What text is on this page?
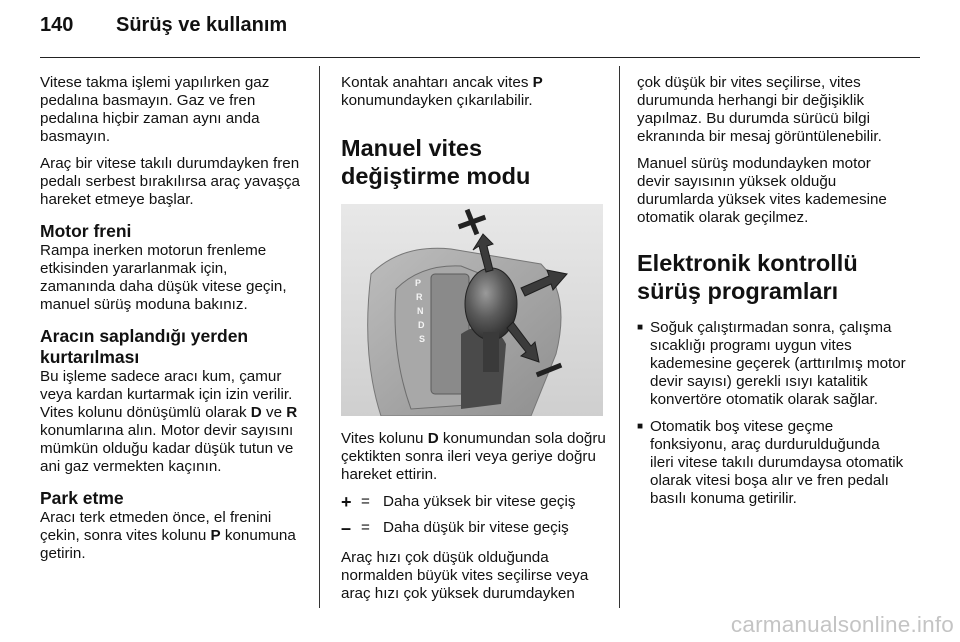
140	Sürüş ve kullanım

Vitese takma işlemi yapılırken gaz pedalına basmayın. Gaz ve fren pedalına hiçbir zaman aynı anda basmayın.

Araç bir vitese takılı durumdayken fren pedalı serbest bırakılırsa araç yavaşça hareket etmeye başlar.

Motor freni

Rampa inerken motorun frenleme etkisinden yararlanmak için, zamanında daha düşük vitese geçin, manuel sürüş moduna bakınız.

Aracın saplandığı yerden kurtarılması

Bu işleme sadece aracı kum, çamur veya kardan kurtarmak için izin verilir. Vites kolunu dönüşümlü olarak D ve R konumlarına alın. Motor devir sayısını mümkün olduğu kadar düşük tutun ve ani gaz vermekten kaçının.

Park etme

Aracı terk etmeden önce, el frenini çekin, sonra vites kolunu P konumuna getirin.

Kontak anahtarı ancak vites P konumundayken çıkarılabilir.

Manuel vites değiştirme modu
P
R
N
D
S

Vites kolunu D konumundan sola doğru çektikten sonra ileri veya geriye doğru hareket ettirin.

+ = Daha yüksek bir vitese geçiş
– = Daha düşük bir vitese geçiş

Araç hızı çok düşük olduğunda normalden büyük vites seçilirse veya araç hızı çok yüksek durumdayken

çok düşük bir vites seçilirse, vites durumunda herhangi bir değişiklik yapılmaz. Bu durumda sürücü bilgi ekranında bir mesaj görüntülenebilir.

Manuel sürüş modundayken motor devir sayısının yüksek olduğu durumlarda yüksek vites kademesine otomatik olarak geçilmez.

Elektronik kontrollü sürüş programları
■ Soğuk çalıştırmadan sonra, çalışma sıcaklığı programı uygun vites kademesine geçerek (arttırılmış motor devir sayısı) gerekli ısıyı katalitik konvertöre otomatik olarak sağlar.
■ Otomatik boş vitese geçme fonksiyonu, araç durdurulduğunda ileri vitese takılı durumdaysa otomatik olarak vitesi boşa alır ve fren pedalı basılı konuma getirilir.
carmanualsonline.info
